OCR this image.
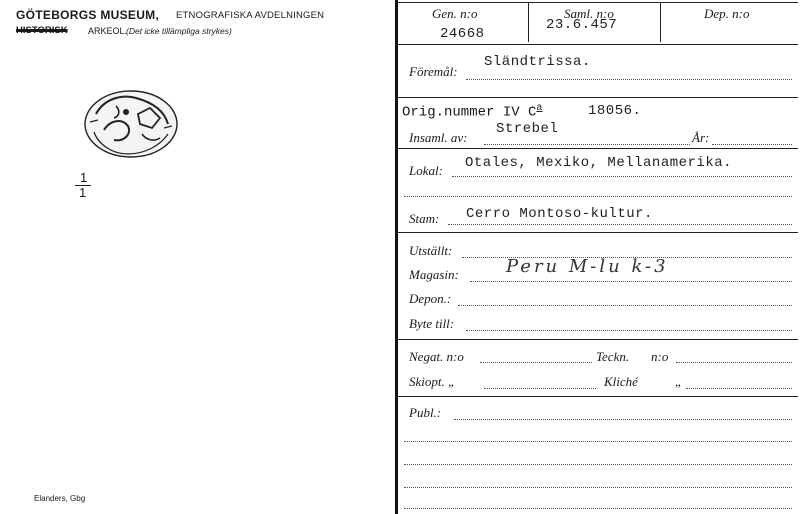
GÖTEBORGS MUSEUM, ETNOGRAFISKA AVDELNINGEN
HISTORISK ARKEOL.
(Det icke tillämpliga strykes)
1
1
Elanders, Gbg
Gen. n:o
24668
Saml. n:o
23.6.457
Dep. n:o
Föremål:
Sländtrissa.
Orig.nummer IV $C^a$	18056.
Insaml. av:
Strebel
År:
Lokal: Otales, Mexiko, Mellanamerika.
Stam: Cerro Montoso-kultur.
Utställt:
Magasin:	Peru M-lu k-3
Depon.:
Byte till:
Negat. n:o	Teckn. n:o
Skiopt. „	Kliché	„
Publ.:
